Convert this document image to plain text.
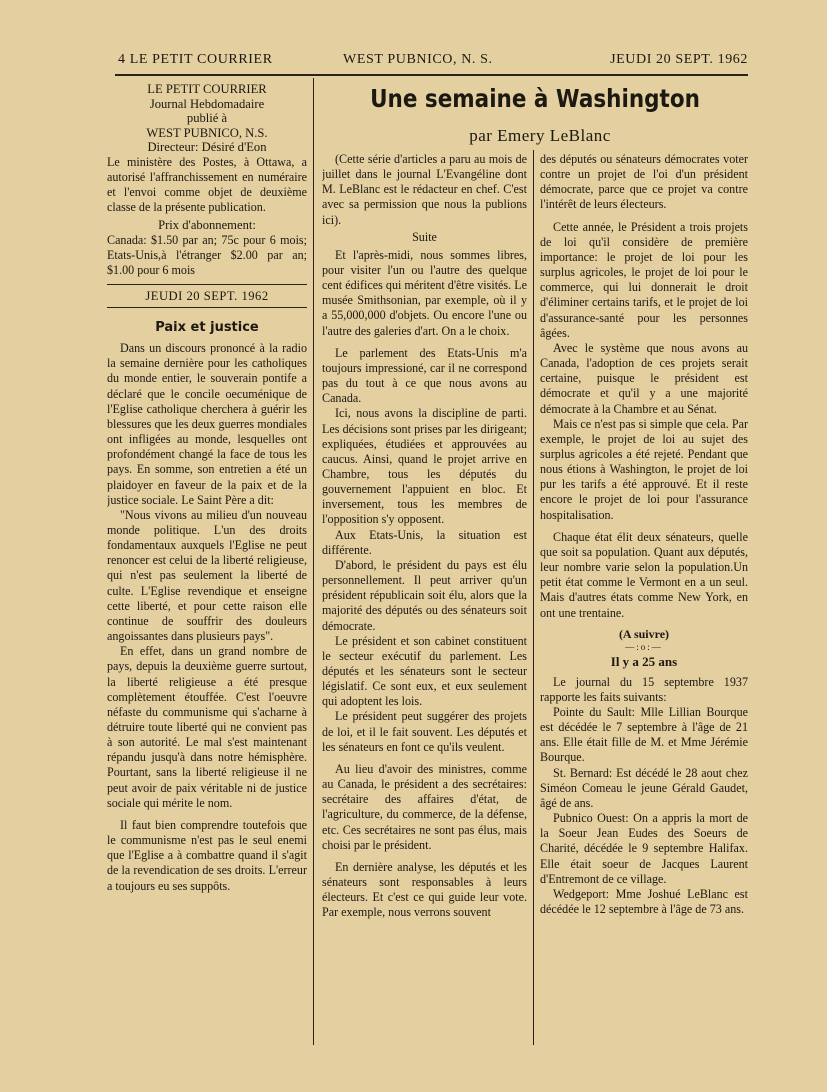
4 LE PETIT COURRIER	WEST PUBNICO, N. S.	JEUDI 20 SEPT. 1962
LE PETIT COURRIER
Journal Hebdomadaire
publié à
WEST PUBNICO, N.S.
Directeur: Désiré d'Eon

Le ministère des Postes, à Ottawa, a autorisé l'affranchissement en numéraire et l'envoi comme objet de deuxième classe de la présente publication.

Prix d'abonnement:

Canada: $1.50 par an; 75c pour 6 mois; Etats-Unis,à l'étranger $2.00 par an; $1.00 pour 6 mois

JEUDI 20 SEPT. 1962
Paix et justice

Dans un discours prononcé à la radio la semaine dernière pour les catholiques du monde entier, le souverain pontife a déclaré que le concile oecuménique de l'Eglise catholique cherchera à guérir les blessures que les deux guerres mondiales ont infligées au monde, lesquelles ont profondément changé la face de tous les pays. En somme, son entretien a été un plaidoyer en faveur de la paix et de la justice sociale. Le Saint Père a dit:

"Nous vivons au milieu d'un nouveau monde politique. L'un des droits fondamentaux auxquels l'Eglise ne peut renoncer est celui de la liberté religieuse, qui n'est pas seulement la liberté de culte. L'Eglise revendique et enseigne cette liberté, et pour cette raison elle continue de souffrir des douleurs angoissantes dans plusieurs pays".

En effet, dans un grand nombre de pays, depuis la deuxième guerre surtout, la liberté religieuse a été presque complètement étouffée. C'est l'oeuvre néfaste du communisme qui s'acharne à détruire toute liberté qui ne convient pas à son autorité. Le mal s'est maintenant répandu jusqu'à dans notre hémisphère. Pourtant, sans la liberté religieuse il ne peut avoir de paix véritable ni de justice sociale qui mérite le nom.

Il faut bien comprendre toutefois que le communisme n'est pas le seul enemi que l'Eglise a à combattre quand il s'agit de la revendication de ses droits. L'erreur a toujours eu ses suppôts.

Une semaine à Washington
par Emery LeBlanc

(Cette série d'articles a paru au mois de juillet dans le journal L'Evangéline dont M. LeBlanc est le rédacteur en chef. C'est avec sa permission que nous la publions ici).

Suite

Et l'après-midi, nous sommes libres, pour visiter l'un ou l'autre des quelque cent édifices qui méritent d'être visités. Le musée Smithsonian, par exemple, où il y a 55,000,000 d'objets. Ou encore l'une ou l'autre des galeries d'art. On a le choix.

Le parlement des Etats-Unis m'a toujours impressioné, car il ne correspond pas du tout à ce que nous avons au Canada.

Ici, nous avons la discipline de parti. Les décisions sont prises par les dirigeant; expliquées, étudiées et approuvées au caucus. Ainsi, quand le projet arrive en Chambre, tous les députés du gouvernement l'appuient en bloc. Et inversement, tous les membres de l'opposition s'y opposent.

Aux Etats-Unis, la situation est différente.

D'abord, le président du pays est élu personnellement. Il peut arriver qu'un président républicain soit élu, alors que la majorité des députés ou des sénateurs soit démocrate.

Le président et son cabinet constituent le secteur exécutif du parlement. Les députés et les sénateurs sont le secteur législatif. Ce sont eux, et eux seulement qui adoptent les lois.

Le président peut suggérer des projets de loi, et il le fait souvent. Les députés et les sénateurs en font ce qu'ils veulent.

Au lieu d'avoir des ministres, comme au Canada, le président a des secrétaires: secrétaire des affaires d'état, de l'agriculture, du commerce, de la défense, etc. Ces secrétaires ne sont pas élus, mais choisi par le président.

En dernière analyse, les députés et les sénateurs sont responsables à leurs électeurs. Et c'est ce qui guide leur vote. Par exemple, nous verrons souvent

des députés ou sénateurs démocrates voter contre un projet de l'oi d'un président démocrate, parce que ce projet va contre l'intérêt de leurs électeurs.

Cette année, le Président a trois projets de loi qu'il considère de première importance: le projet de loi pour les surplus agricoles, le projet de loi pour le commerce, qui lui donnerait le droit d'éliminer certains tarifs, et le projet de loi d'assurance-santé pour les personnes âgées.

Avec le système que nous avons au Canada, l'adoption de ces projets serait certaine, puisque le président est démocrate et qu'il y a une majorité démocrate à la Chambre et au Sénat.

Mais ce n'est pas si simple que cela. Par exemple, le projet de loi au sujet des surplus agricoles a été rejeté. Pendant que nous étions à Washington, le projet de loi pur les tarifs a été approuvé. Et il reste encore le projet de loi pour l'assurance hospitalisation.

Chaque état élit deux sénateurs, quelle que soit sa population. Quant aux députés, leur nombre varie selon la population.Un petit état comme le Vermont en a un seul. Mais d'autres états comme New York, en ont une trentaine.

(A suivre)
—:o:—
Il y a 25 ans

Le journal du 15 septembre 1937 rapporte les faits suivants:

Pointe du Sault: Mlle Lillian Bourque est décédée le 7 septembre à l'âge de 21 ans. Elle était fille de M. et Mme Jérémie Bourque.

St. Bernard: Est décédé le 28 aout chez Siméon Comeau le jeune Gérald Gaudet, âgé de ans.

Pubnico Ouest: On a appris la mort de la Soeur Jean Eudes des Soeurs de Charité, décédée le 9 septembre Halifax. Elle était soeur de Jacques Laurent d'Entremont de ce village.

Wedgeport: Mme Joshué LeBlanc est décédée le 12 septembre à l'âge de 73 ans.
